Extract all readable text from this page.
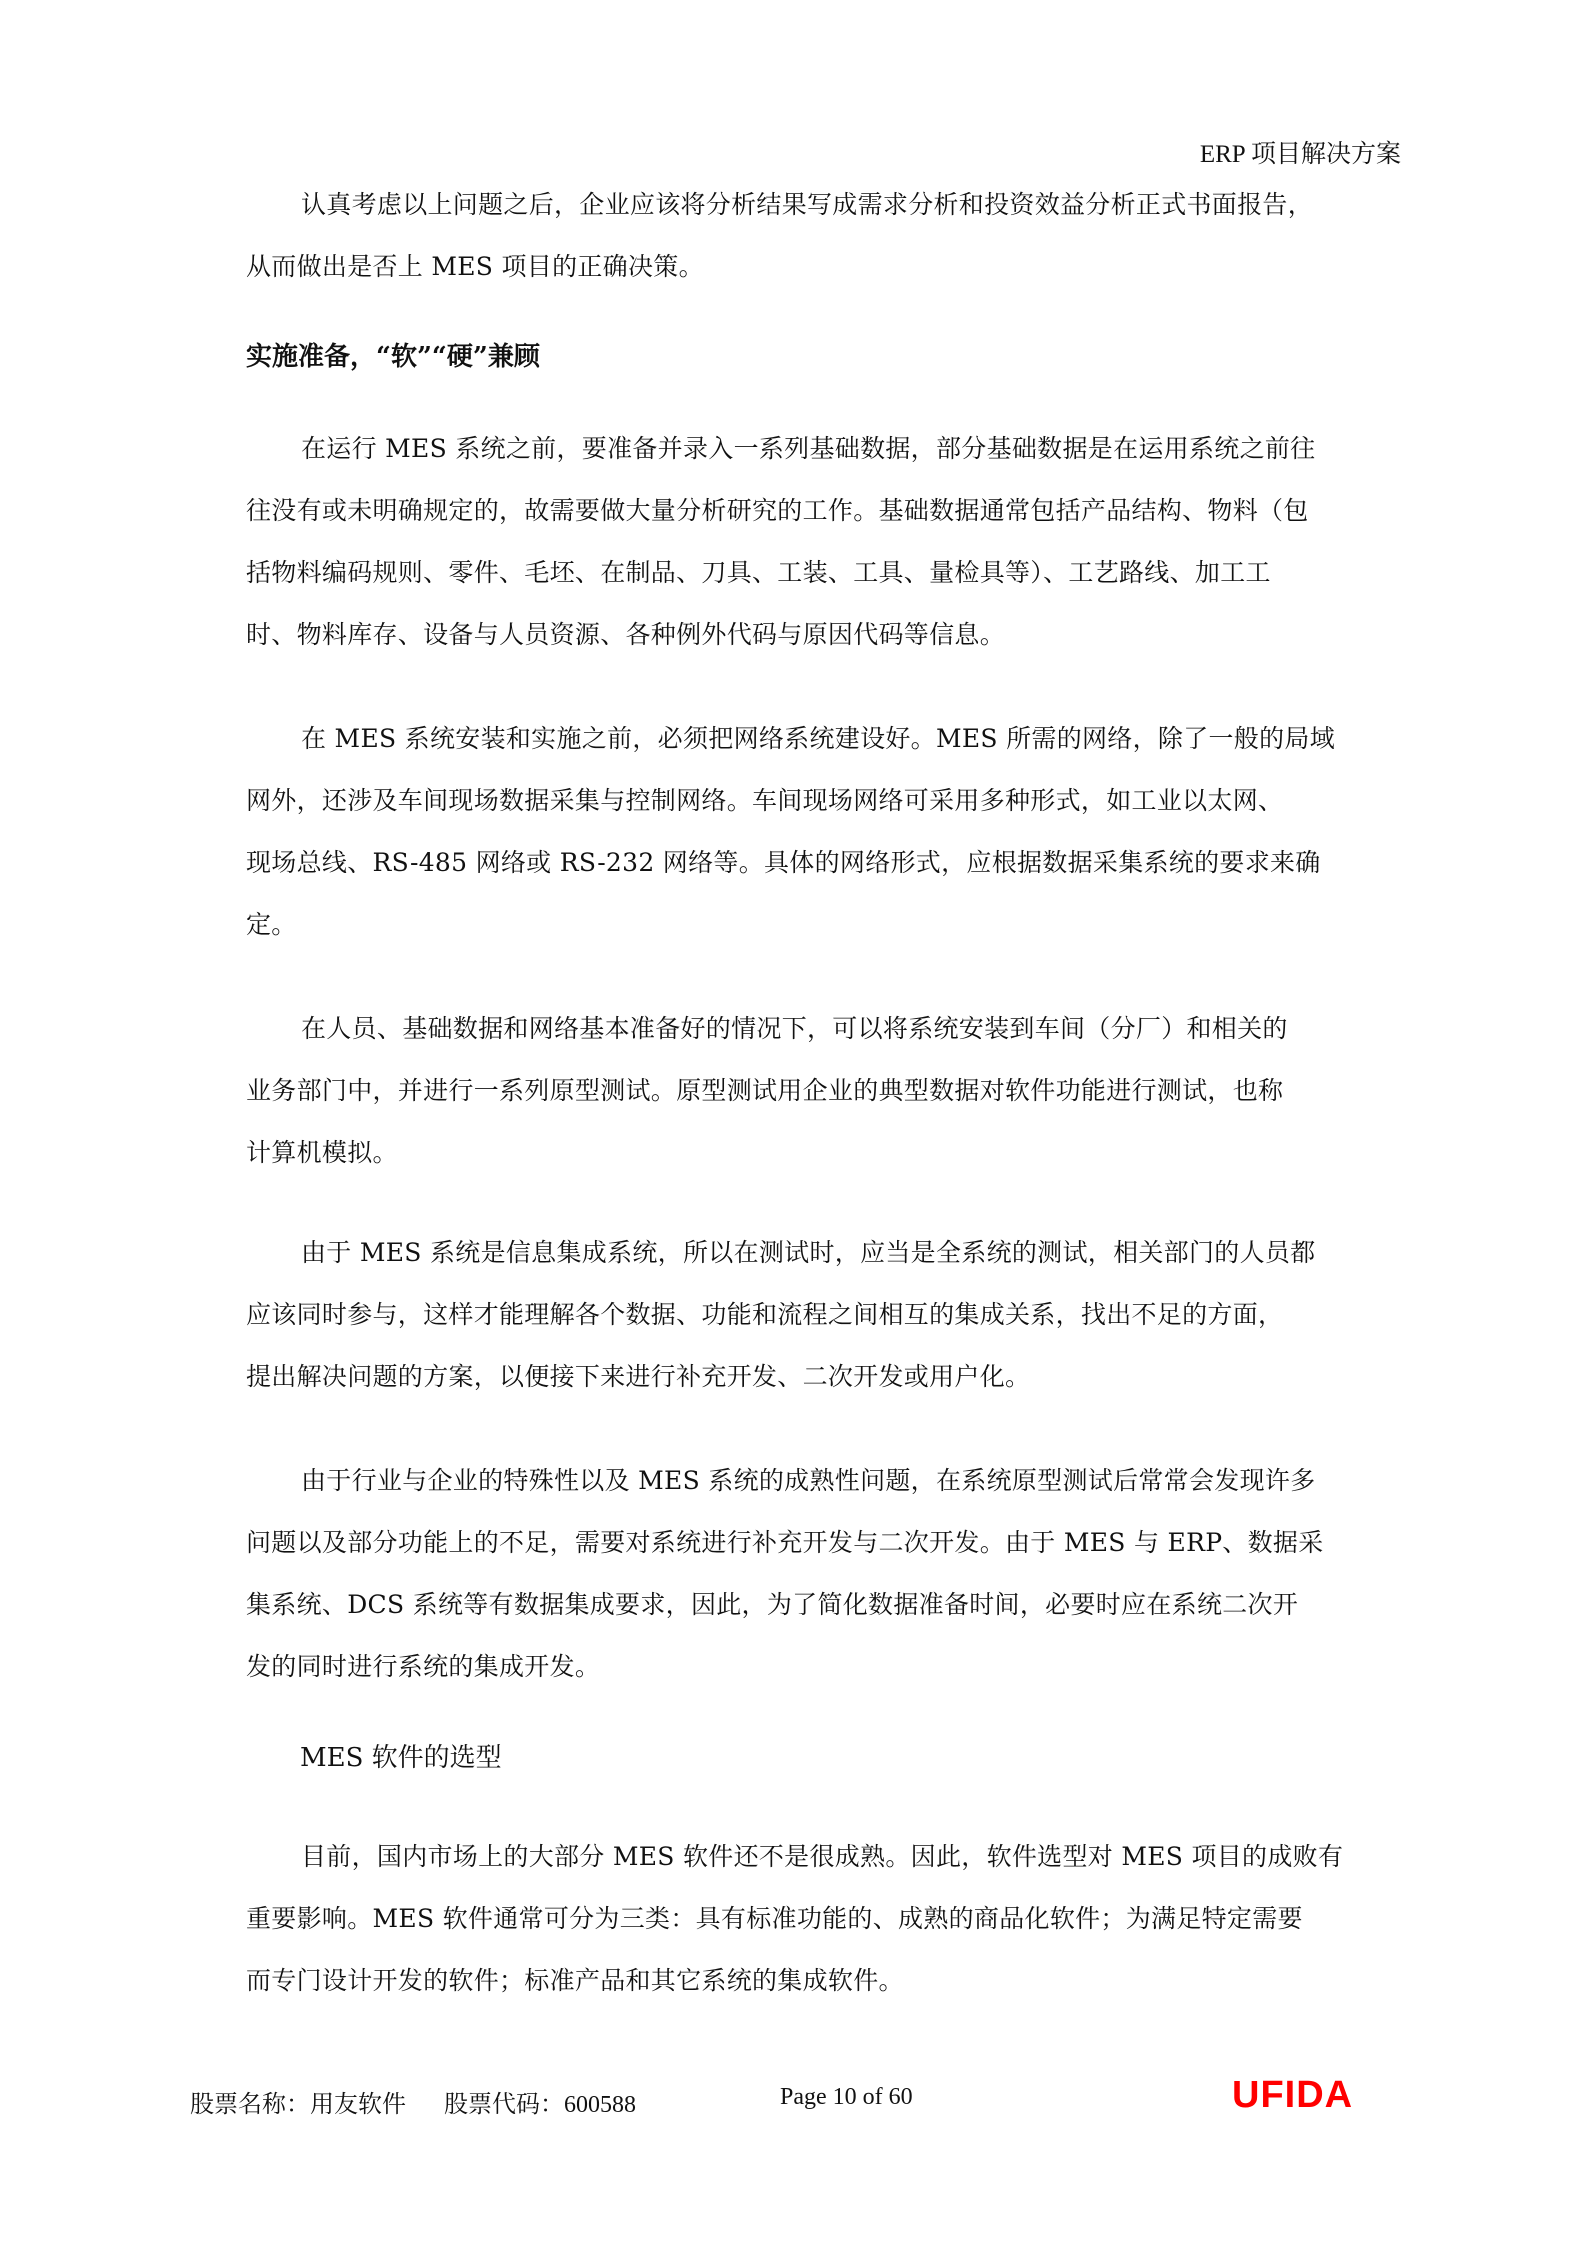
ERP 项目解决方案
认真考虑以上问题之后，企业应该将分析结果写成需求分析和投资效益分析正式书面报告，
从而做出是否上 MES 项目的正确决策。
实施准备，“软”“硬”兼顾
在运行 MES 系统之前，要准备并录入一系列基础数据，部分基础数据是在运用系统之前往
往没有或未明确规定的，故需要做大量分析研究的工作。基础数据通常包括产品结构、物料（包
括物料编码规则、零件、毛坯、在制品、刀具、工装、工具、量检具等）、工艺路线、加工工
时、物料库存、设备与人员资源、各种例外代码与原因代码等信息。
在 MES 系统安装和实施之前，必须把网络系统建设好。MES 所需的网络，除了一般的局域
网外，还涉及车间现场数据采集与控制网络。车间现场网络可采用多种形式，如工业以太网、
现场总线、RS-485 网络或 RS-232 网络等。具体的网络形式，应根据数据采集系统的要求来确
定。
在人员、基础数据和网络基本准备好的情况下，可以将系统安装到车间（分厂）和相关的
业务部门中，并进行一系列原型测试。原型测试用企业的典型数据对软件功能进行测试，也称
计算机模拟。
由于 MES 系统是信息集成系统，所以在测试时，应当是全系统的测试，相关部门的人员都
应该同时参与，这样才能理解各个数据、功能和流程之间相互的集成关系，找出不足的方面，
提出解决问题的方案，以便接下来进行补充开发、二次开发或用户化。
由于行业与企业的特殊性以及 MES 系统的成熟性问题，在系统原型测试后常常会发现许多
问题以及部分功能上的不足，需要对系统进行补充开发与二次开发。由于 MES 与 ERP、数据采
集系统、DCS 系统等有数据集成要求，因此，为了简化数据准备时间，必要时应在系统二次开
发的同时进行系统的集成开发。
MES 软件的选型
目前，国内市场上的大部分 MES 软件还不是很成熟。因此，软件选型对 MES 项目的成败有
重要影响。MES 软件通常可分为三类：具有标准功能的、成熟的商品化软件；为满足特定需要
而专门设计开发的软件；标准产品和其它系统的集成软件。
股票名称：用友软件 股票代码：600588	Page 10 of 60	UFIDA
